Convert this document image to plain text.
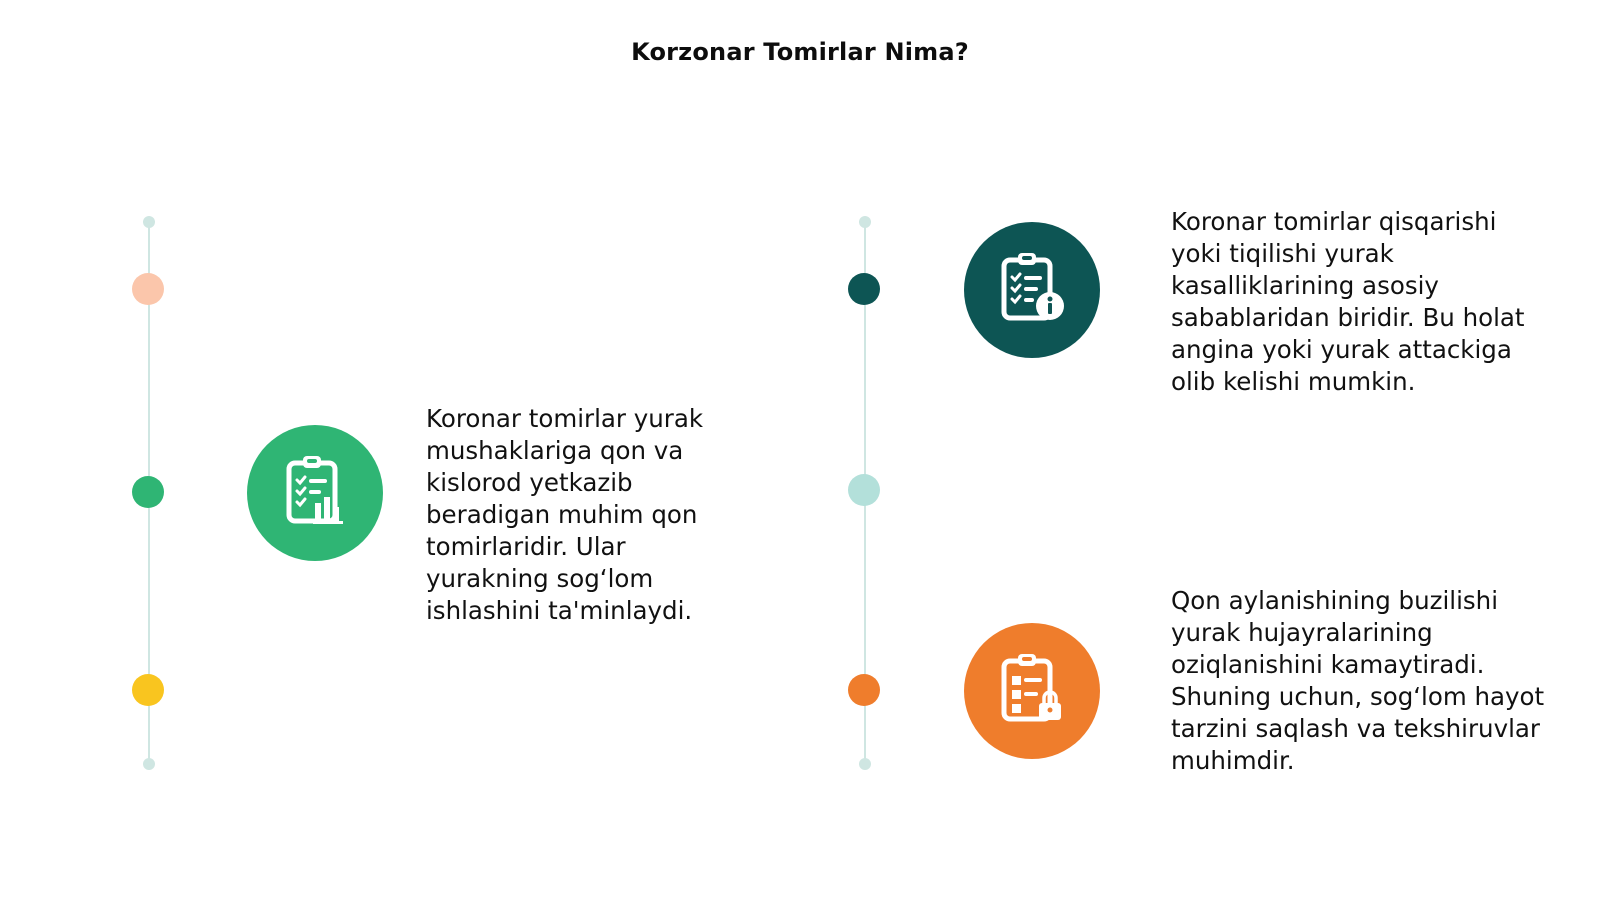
Korzonar Tomirlar Nima?

Koronar tomirlar yurak mushaklariga qon va kislorod yetkazib beradigan muhim qon tomirlaridir. Ular yurakning sog‘lom ishlashini ta'minlaydi.

Koronar tomirlar qisqarishi yoki tiqilishi yurak kasalliklarining asosiy sabablaridan biridir. Bu holat angina yoki yurak attackiga olib kelishi mumkin.

Qon aylanishining buzilishi yurak hujayralarining oziqlanishini kamaytiradi. Shuning uchun, sog‘lom hayot tarzini saqlash va tekshiruvlar muhimdir.
